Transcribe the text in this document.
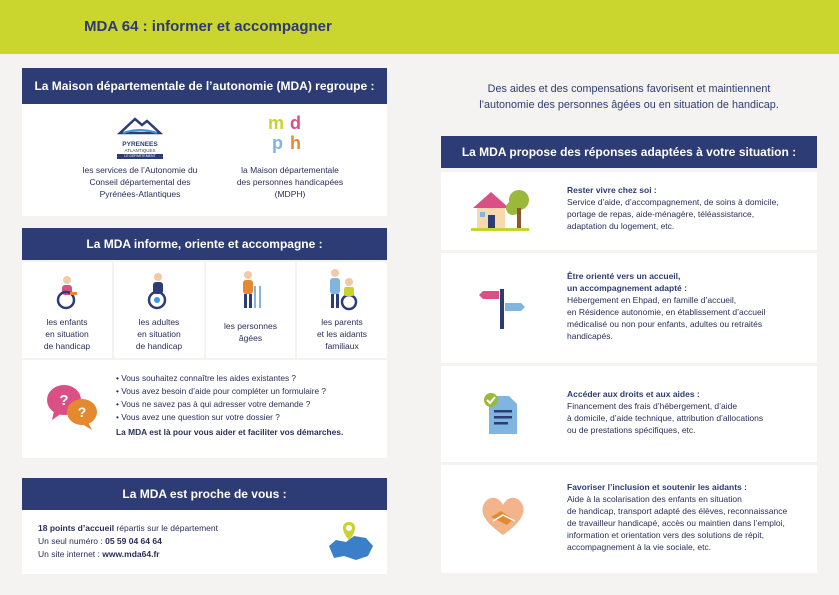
MDA 64 : informer et accompagner
La Maison départementale de l’autonomie (MDA) regroupe :
PYRENEES
ATLANTIQUES
LE DÉPARTEMENT
les services de l’Autonomie du
Conseil départemental des
Pyrénées-Atlantiques
m d
p h
la Maison départementale
des personnes handicapées
(MDPH)
La MDA informe, oriente et accompagne :
les enfants
en situation
de handicap
les adultes
en situation
de handicap
les personnes
âgées
les parents
et les aidants
familiaux
?
?
• Vous souhaitez connaître les aides existantes ?
• Vous avez besoin d’aide pour compléter un formulaire ?
• Vous ne savez pas à qui adresser votre demande ?
• Vous avez une question sur votre dossier ?
La MDA est là pour vous aider et faciliter vos démarches.
La MDA est proche de vous :
18 points d’accueil répartis sur le département
Un seul numéro : 05 59 04 64 64
Un site internet : www.mda64.fr
Des aides et des compensations favorisent et maintiennent
l’autonomie des personnes âgées ou en situation de handicap.
La MDA propose des réponses adaptées à votre situation :
Rester vivre chez soi :
Service d’aide, d’accompagnement, de soins à domicile,
portage de repas, aide-ménagère, téléassistance,
adaptation du logement, etc.
Être orienté vers un accueil,
un accompagnement adapté :
Hébergement en Ehpad, en famille d’accueil,
en Résidence autonomie, en établissement d’accueil
médicalisé ou non pour enfants, adultes ou retraités
handicapés.
Accéder aux droits et aux aides :
Financement des frais d’hébergement, d’aide
à domicile, d’aide technique, attribution d’allocations
ou de prestations spécifiques, etc.
Favoriser l’inclusion et soutenir les aidants :
Aide à la scolarisation des enfants en situation
de handicap, transport adapté des élèves, reconnaissance
de travailleur handicapé, accès ou maintien dans l’emploi,
information et orientation vers des solutions de répit,
accompagnement à la vie sociale, etc.
